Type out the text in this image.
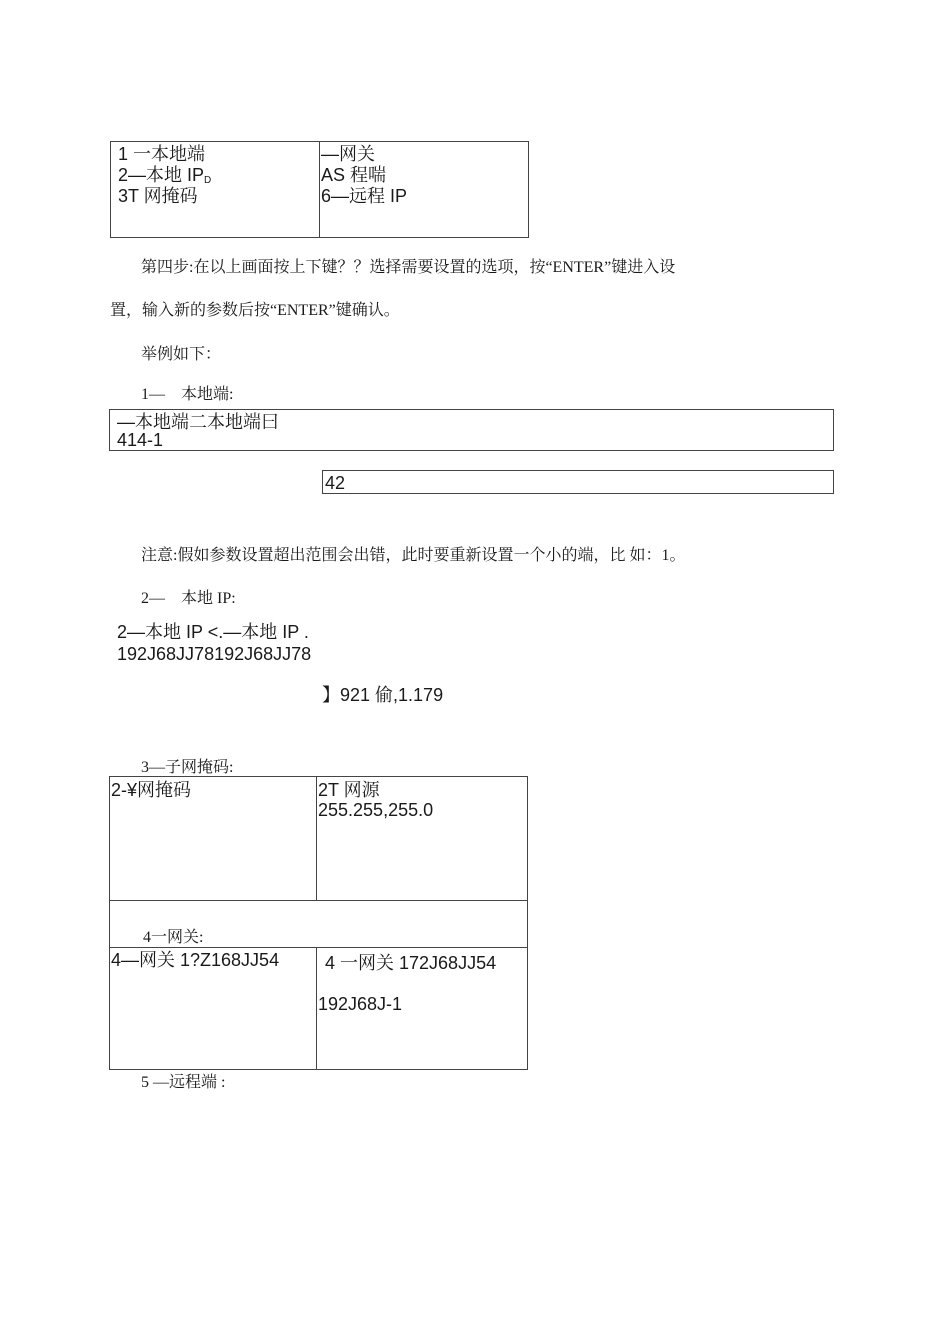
1 一本地端
2—本地 $IP_D$
3T 网掩码
—网关
AS 程喘
6—远程 IP
第四步:在以上画面按上下键？？选择需要设置的选项，按“ENTER”键进入设
置，输入新的参数后按“ENTER”键确认。
举例如下：
1—　本地端:
—本地端二本地端曰
414-1
42
注意:假如参数设置超出范围会出错，此时要重新设置一个小的端，比 如：1。
2—　本地 IP:
2—本地 IP <.—本地 IP .
192J68JJ78192J68JJ78
】921 偷,1.179
3—子网掩码:
2-¥网掩码	2T 网源
255.255,255.0
4一网关:
4—网关 1?Z168JJ54	4 一网关 172J68JJ54
192J68J-1
5 —远程端 :
